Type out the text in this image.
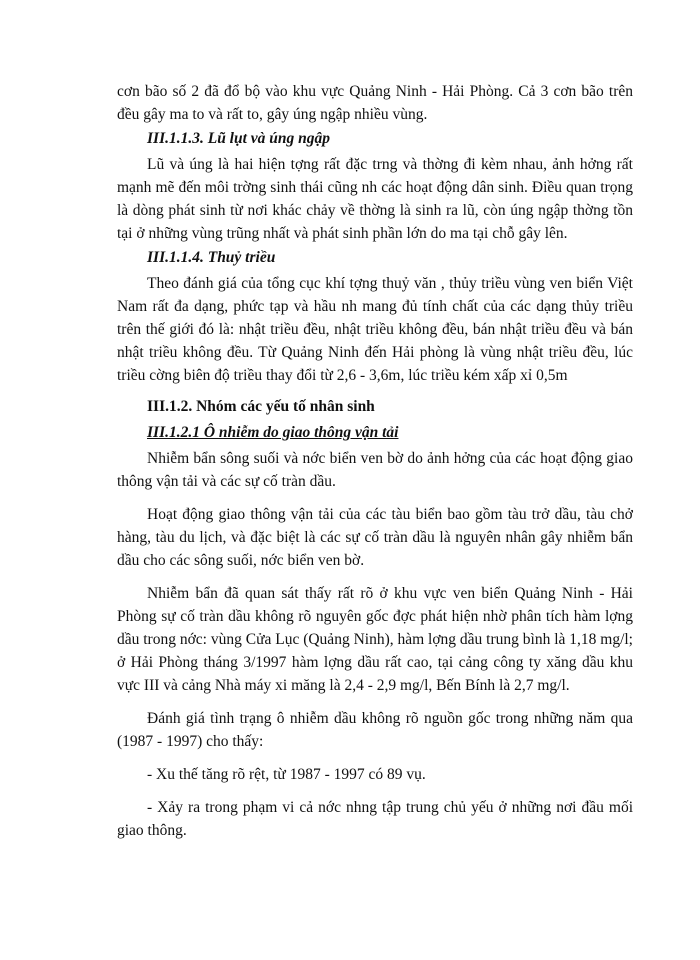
cơn bão số 2 đã đổ bộ vào khu vực Quảng Ninh - Hải Phòng. Cả 3 cơn bão trên đều gây ma to và rất to, gây úng ngập nhiều vùng.

III.1.1.3. Lũ lụt và úng ngập

Lũ và úng là hai hiện tợng rất đặc trng và thờng đi kèm nhau, ảnh hởng rất mạnh mẽ đến môi trờng sinh thái cũng nh các hoạt động dân sinh. Điều quan trọng là dòng phát sinh từ nơi khác chảy về thờng là sinh ra lũ, còn úng ngập thờng tồn tại ở những vùng trũng nhất và phát sinh phần lớn do ma tại chỗ gây lên.

III.1.1.4. Thuỷ triều

Theo đánh giá của tổng cục khí tợng thuỷ văn , thủy triều vùng ven biển Việt Nam rất đa dạng, phức tạp và hầu nh mang đủ tính chất của các dạng thủy triều trên thế giới đó là: nhật triều đều, nhật triều không đều, bán nhật triều đều và bán nhật triều không đều. Từ Quảng Ninh đến Hải phòng là vùng nhật triều đều, lúc triều cờng biên độ triều thay đổi từ 2,6 - 3,6m, lúc triều kém xấp xỉ 0,5m

III.1.2. Nhóm các yếu tố nhân sinh

III.1.2.1 Ô nhiễm do giao thông vận tải

Nhiễm bẩn sông suối và nớc biển ven bờ do ảnh hởng của các hoạt động giao thông vận tải và các sự cố tràn dầu.

Hoạt động giao thông vận tải của các tàu biển bao gồm tàu trở dầu, tàu chở hàng, tàu du lịch, và đặc biệt là các sự cố tràn dầu là nguyên nhân gây nhiễm bẩn dầu cho các sông suối, nớc biển ven bờ.

Nhiễm bẩn đã quan sát thấy rất rõ ở khu vực ven biển Quảng Ninh - Hải Phòng sự cố tràn dầu không rõ nguyên gốc đợc phát hiện nhờ phân tích hàm lợng dầu trong nớc: vùng Cửa Lục (Quảng Ninh), hàm lợng dầu trung bình là 1,18 mg/l; ở Hải Phòng tháng 3/1997 hàm lợng dầu rất cao, tại cảng công ty xăng dầu khu vực III và cảng Nhà máy xi măng là 2,4 - 2,9 mg/l, Bến Bính là 2,7 mg/l.

Đánh giá tình trạng ô nhiễm dầu không rõ nguồn gốc trong những năm qua (1987 - 1997) cho thấy:

- Xu thế tăng rõ rệt, từ 1987 - 1997 có 89 vụ.

- Xảy ra trong phạm vi cả nớc nhng tập trung chủ yếu ở những nơi đầu mối giao thông.
